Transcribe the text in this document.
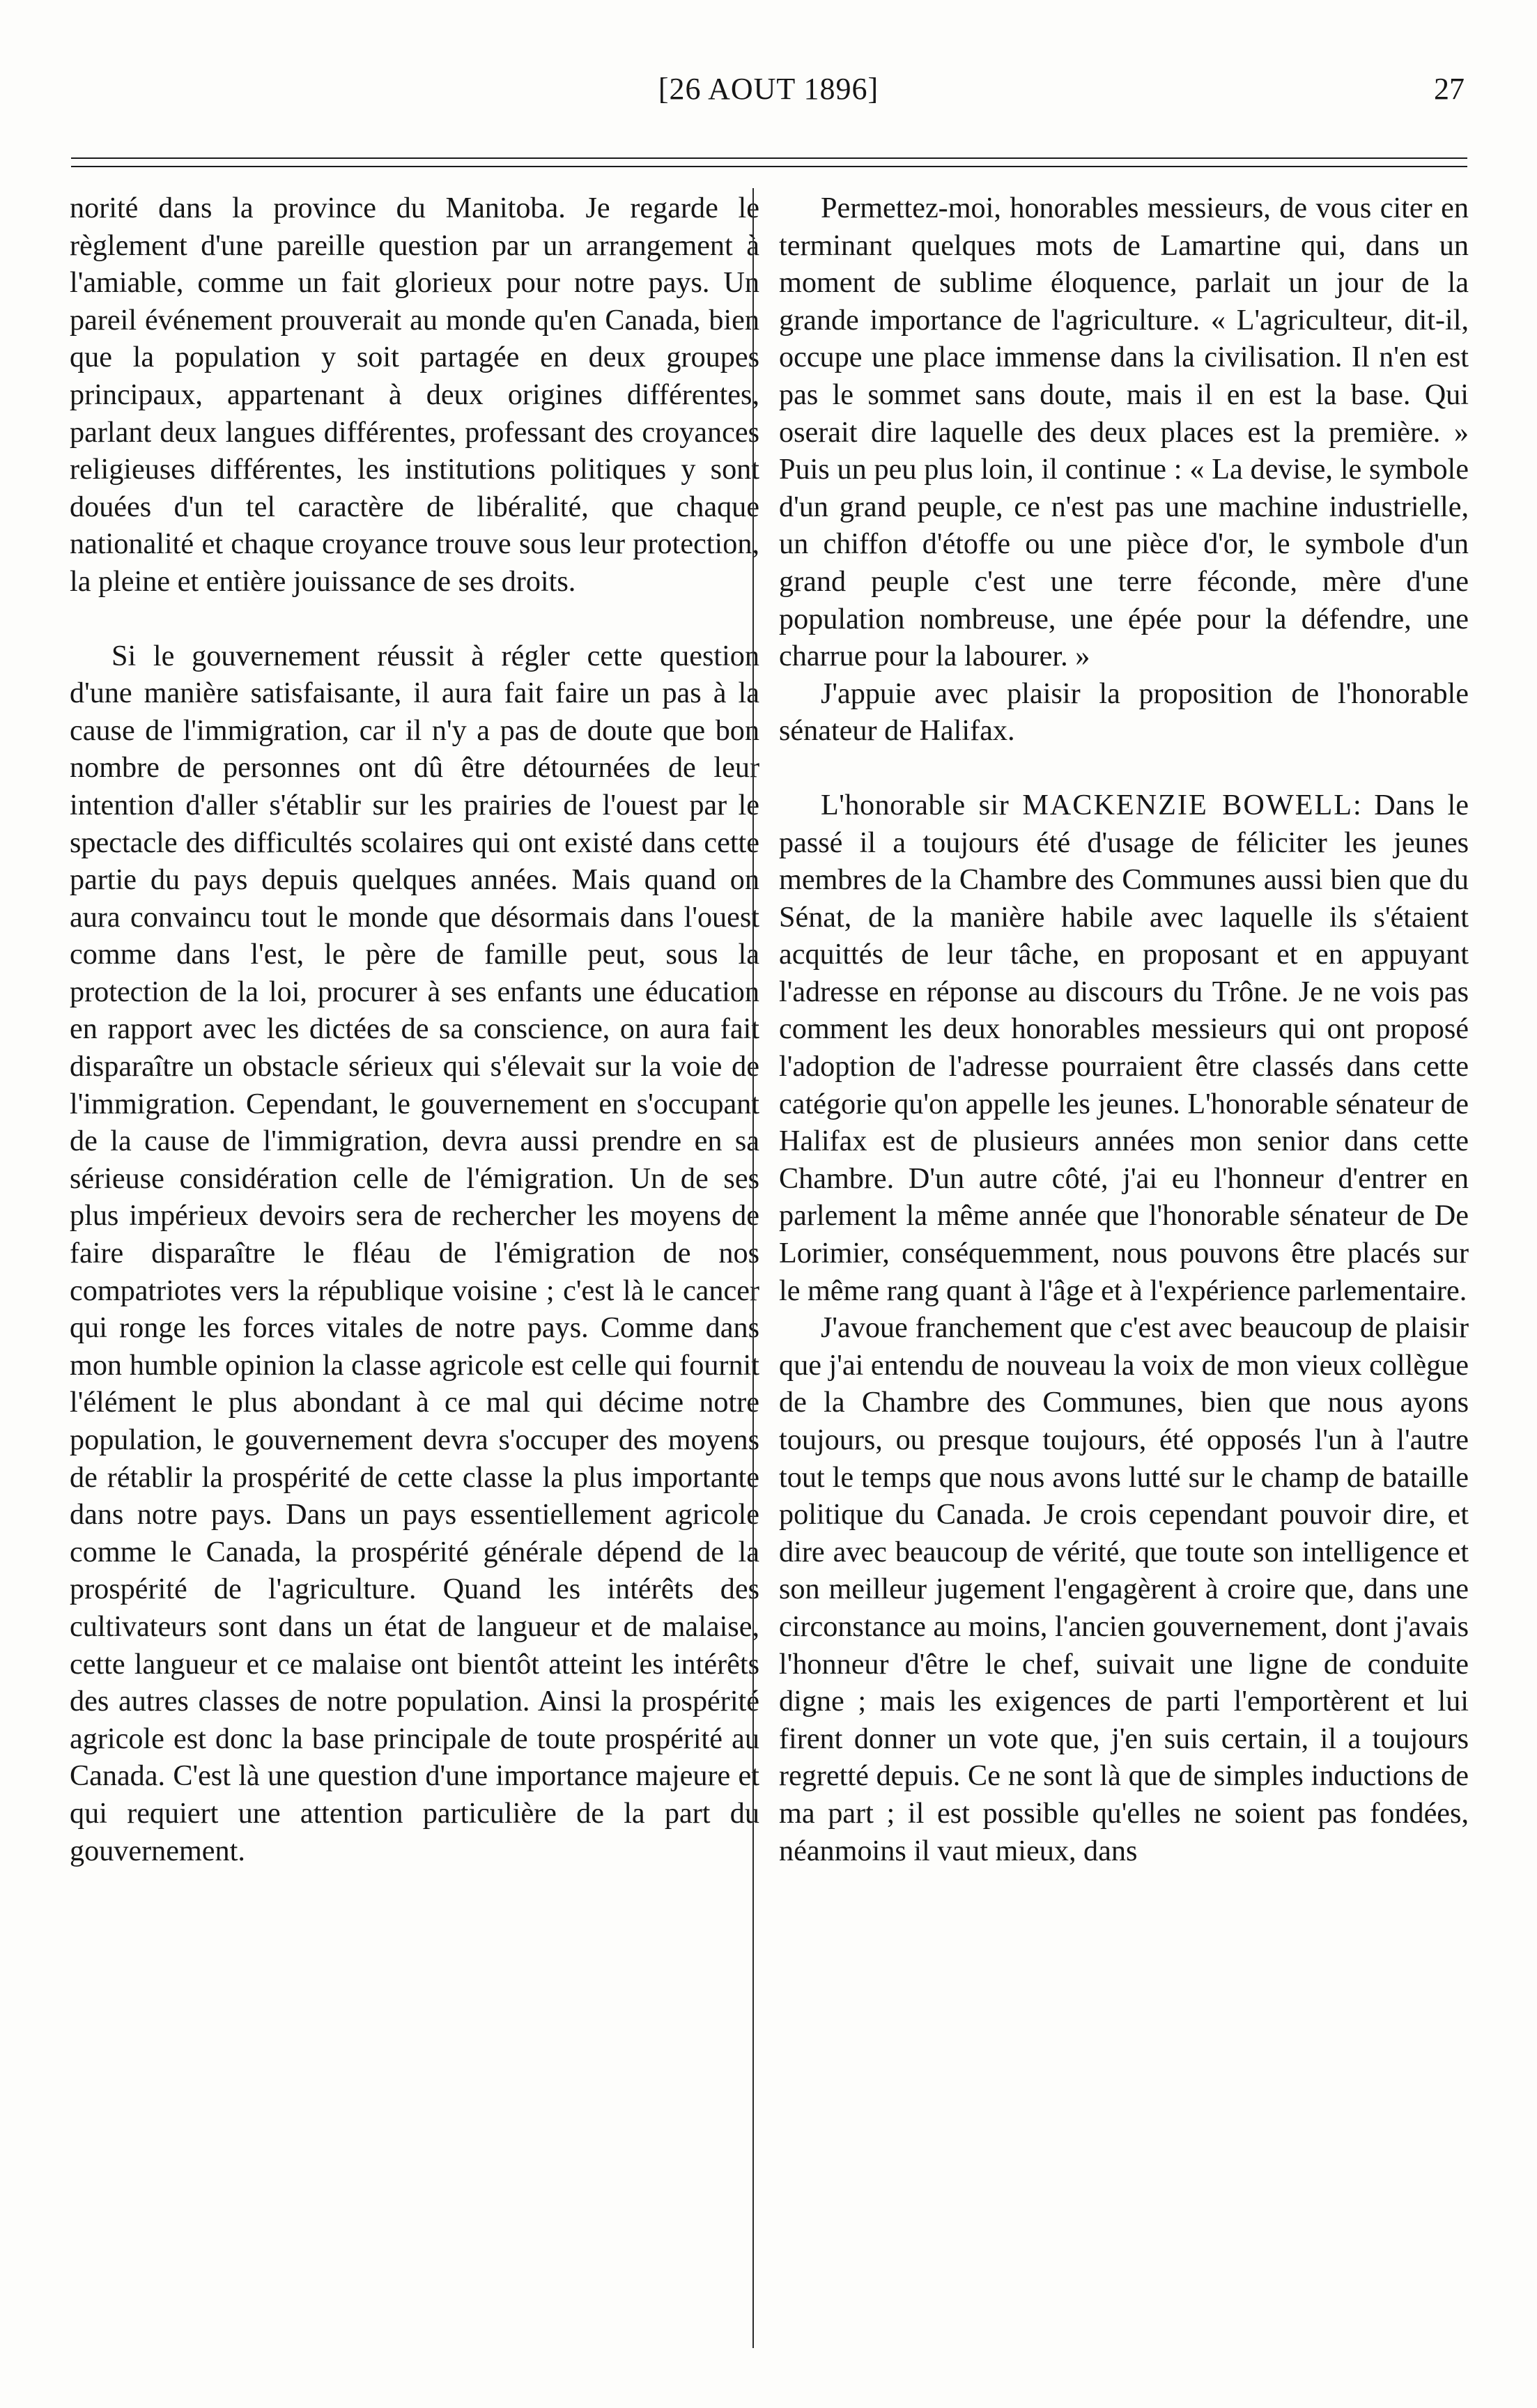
[26 AOUT 1896]	27

norité dans la province du Manitoba. Je regarde le règlement d'une pareille question par un arrangement à l'amiable, comme un fait glorieux pour notre pays. Un pareil événement prouverait au monde qu'en Canada, bien que la population y soit partagée en deux groupes principaux, appartenant à deux origines différentes, parlant deux langues différentes, professant des croyances religieuses différentes, les institutions politiques y sont douées d'un tel caractère de libéralité, que chaque nationalité et chaque croyance trouve sous leur protection, la pleine et entière jouissance de ses droits.

Si le gouvernement réussit à régler cette question d'une manière satisfaisante, il aura fait faire un pas à la cause de l'immigration, car il n'y a pas de doute que bon nombre de personnes ont dû être détournées de leur intention d'aller s'établir sur les prairies de l'ouest par le spectacle des difficultés scolaires qui ont existé dans cette partie du pays depuis quelques années. Mais quand on aura convaincu tout le monde que désormais dans l'ouest comme dans l'est, le père de famille peut, sous la protection de la loi, procurer à ses enfants une éducation en rapport avec les dictées de sa conscience, on aura fait disparaître un obstacle sérieux qui s'élevait sur la voie de l'immigration. Cependant, le gouvernement en s'occupant de la cause de l'immigration, devra aussi prendre en sa sérieuse considération celle de l'émigration. Un de ses plus impérieux devoirs sera de rechercher les moyens de faire disparaître le fléau de l'émigration de nos compatriotes vers la république voisine ; c'est là le cancer qui ronge les forces vitales de notre pays. Comme dans mon humble opinion la classe agricole est celle qui fournit l'élément le plus abondant à ce mal qui décime notre population, le gouvernement devra s'occuper des moyens de rétablir la prospérité de cette classe la plus importante dans notre pays. Dans un pays essentiellement agricole comme le Canada, la prospérité générale dépend de la prospérité de l'agriculture. Quand les intérêts des cultivateurs sont dans un état de langueur et de malaise, cette langueur et ce malaise ont bientôt atteint les intérêts des autres classes de notre population. Ainsi la prospérité agricole est donc la base principale de toute prospérité au Canada. C'est là une question d'une importance majeure et qui requiert une attention particulière de la part du gouvernement.

Permettez-moi, honorables messieurs, de vous citer en terminant quelques mots de Lamartine qui, dans un moment de sublime éloquence, parlait un jour de la grande importance de l'agriculture. « L'agriculteur, dit-il, occupe une place immense dans la civilisation. Il n'en est pas le sommet sans doute, mais il en est la base. Qui oserait dire laquelle des deux places est la première. » Puis un peu plus loin, il continue : « La devise, le symbole d'un grand peuple, ce n'est pas une machine industrielle, un chiffon d'étoffe ou une pièce d'or, le symbole d'un grand peuple c'est une terre féconde, mère d'une population nombreuse, une épée pour la défendre, une charrue pour la labourer. »

J'appuie avec plaisir la proposition de l'honorable sénateur de Halifax.

L'honorable sir MACKENZIE BOWELL: Dans le passé il a toujours été d'usage de féliciter les jeunes membres de la Chambre des Communes aussi bien que du Sénat, de la manière habile avec laquelle ils s'étaient acquittés de leur tâche, en proposant et en appuyant l'adresse en réponse au discours du Trône. Je ne vois pas comment les deux honorables messieurs qui ont proposé l'adoption de l'adresse pourraient être classés dans cette catégorie qu'on appelle les jeunes. L'honorable sénateur de Halifax est de plusieurs années mon senior dans cette Chambre. D'un autre côté, j'ai eu l'honneur d'entrer en parlement la même année que l'honorable sénateur de De Lorimier, conséquemment, nous pouvons être placés sur le même rang quant à l'âge et à l'expérience parlementaire.

J'avoue franchement que c'est avec beaucoup de plaisir que j'ai entendu de nouveau la voix de mon vieux collègue de la Chambre des Communes, bien que nous ayons toujours, ou presque toujours, été opposés l'un à l'autre tout le temps que nous avons lutté sur le champ de bataille politique du Canada. Je crois cependant pouvoir dire, et dire avec beaucoup de vérité, que toute son intelligence et son meilleur jugement l'engagèrent à croire que, dans une circonstance au moins, l'ancien gouvernement, dont j'avais l'honneur d'être le chef, suivait une ligne de conduite digne ; mais les exigences de parti l'emportèrent et lui firent donner un vote que, j'en suis certain, il a toujours regretté depuis. Ce ne sont là que de simples inductions de ma part ; il est possible qu'elles ne soient pas fondées, néanmoins il vaut mieux, dans
